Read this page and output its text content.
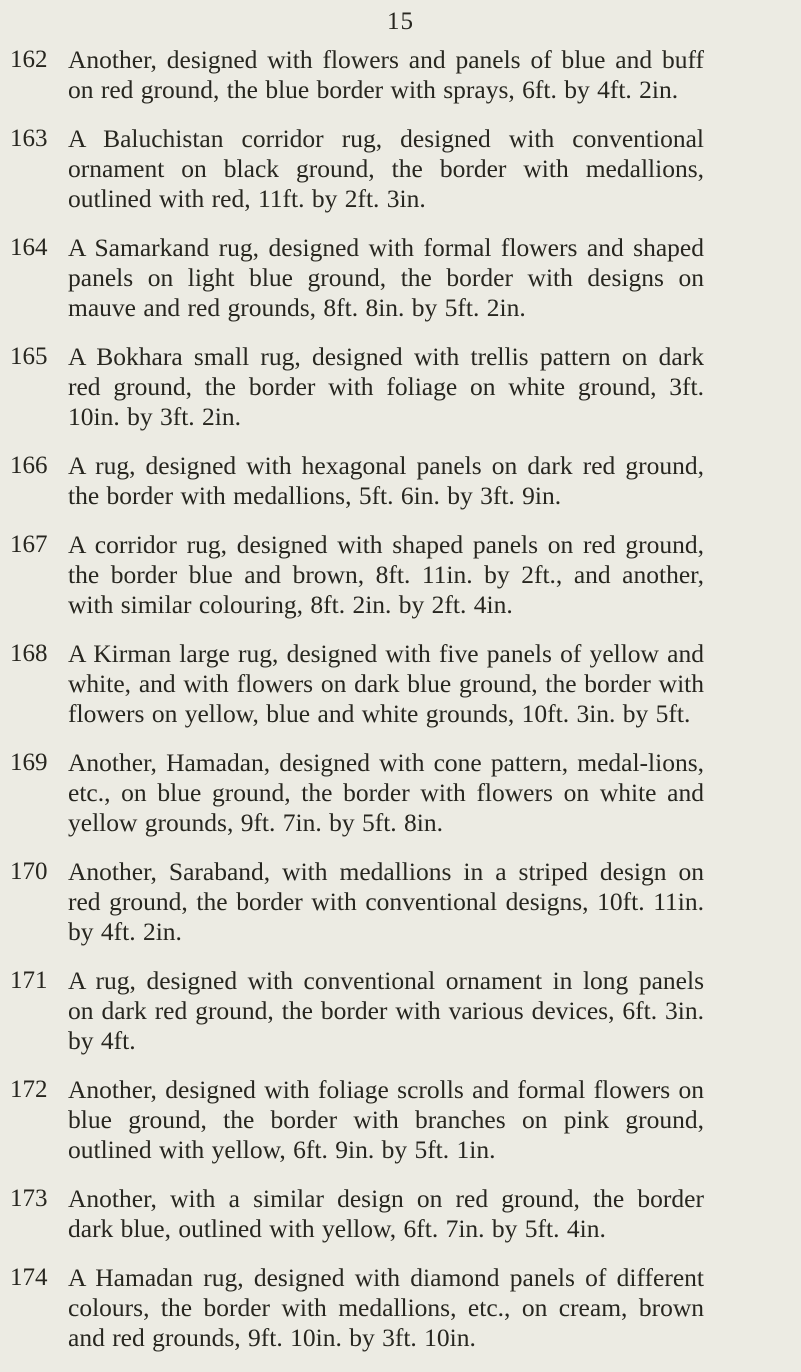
15
162 Another, designed with flowers and panels of blue and buff on red ground, the blue border with sprays, 6ft. by 4ft. 2in.
163 A Baluchistan corridor rug, designed with conventional ornament on black ground, the border with medallions, outlined with red, 11ft. by 2ft. 3in.
164 A Samarkand rug, designed with formal flowers and shaped panels on light blue ground, the border with designs on mauve and red grounds, 8ft. 8in. by 5ft. 2in.
165 A Bokhara small rug, designed with trellis pattern on dark red ground, the border with foliage on white ground, 3ft. 10in. by 3ft. 2in.
166 A rug, designed with hexagonal panels on dark red ground, the border with medallions, 5ft. 6in. by 3ft. 9in.
167 A corridor rug, designed with shaped panels on red ground, the border blue and brown, 8ft. 11in. by 2ft., and another, with similar colouring, 8ft. 2in. by 2ft. 4in.
168 A Kirman large rug, designed with five panels of yellow and white, and with flowers on dark blue ground, the border with flowers on yellow, blue and white grounds, 10ft. 3in. by 5ft.
169 Another, Hamadan, designed with cone pattern, medal-lions, etc., on blue ground, the border with flowers on white and yellow grounds, 9ft. 7in. by 5ft. 8in.
170 Another, Saraband, with medallions in a striped design on red ground, the border with conventional designs, 10ft. 11in. by 4ft. 2in.
171 A rug, designed with conventional ornament in long panels on dark red ground, the border with various devices, 6ft. 3in. by 4ft.
172 Another, designed with foliage scrolls and formal flowers on blue ground, the border with branches on pink ground, outlined with yellow, 6ft. 9in. by 5ft. 1in.
173 Another, with a similar design on red ground, the border dark blue, outlined with yellow, 6ft. 7in. by 5ft. 4in.
174 A Hamadan rug, designed with diamond panels of different colours, the border with medallions, etc., on cream, brown and red grounds, 9ft. 10in. by 3ft. 10in.
